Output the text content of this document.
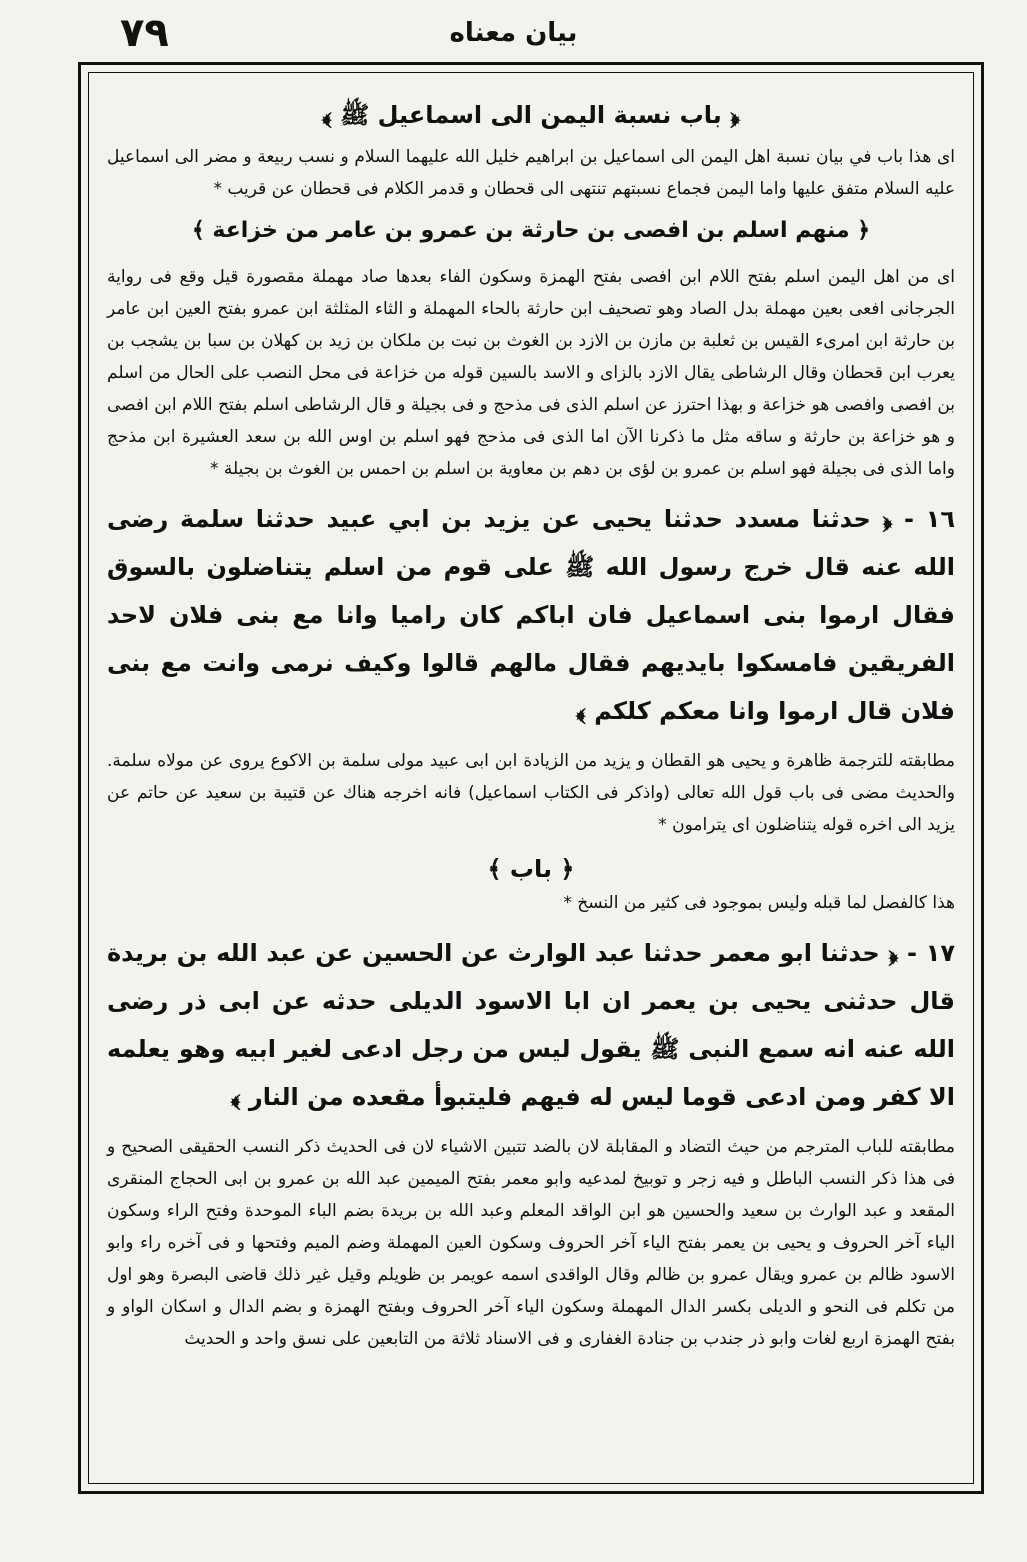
۷۹	بيان معناه
﴿ باب نسبة اليمن الى اسماعيل ﷺ ﴾

اى هذا باب في بيان نسبة اهل اليمن الى اسماعيل بن ابراهيم خليل الله عليهما السلام و نسب ربيعة و مضر الى اسماعيل عليه السلام متفق عليها واما اليمن فجماع نسبتهم تنتهى الى قحطان و قدمر الكلام فى قحطان عن قريب *

﴿ منهم اسلم بن افصى بن حارثة بن عمرو بن عامر من خزاعة ﴾

اى من اهل اليمن اسلم بفتح اللام ابن افصى بفتح الهمزة وسكون الفاء بعدها صاد مهملة مقصورة قيل وقع فى رواية الجرجانى افعى بعين مهملة بدل الصاد وهو تصحيف ابن حارثة بالحاء المهملة و الثاء المثلثة ابن عمرو بفتح العين ابن عامر بن حارثة ابن امرىء القيس بن ثعلبة بن مازن بن الازد بن الغوث بن نبت بن ملكان بن زيد بن كهلان بن سبا بن يشجب بن يعرب ابن قحطان وقال الرشاطى يقال الازد بالزاى و الاسد بالسين قوله من خزاعة فى محل النصب على الحال من اسلم بن افصى وافصى هو خزاعة و بهذا احترز عن اسلم الذى فى مذحج و فى بجيلة و قال الرشاطى اسلم بفتح اللام ابن افصى و هو خزاعة بن حارثة و ساقه مثل ما ذكرنا الآن اما الذى فى مذحج فهو اسلم بن اوس الله بن سعد العشيرة ابن مذحج واما الذى فى بجيلة فهو اسلم بن عمرو بن لؤى بن دهم بن معاوية بن اسلم بن احمس بن الغوث بن بجيلة *

١٦ - ﴿ حدثنا مسدد حدثنا يحيى عن يزيد بن ابي عبيد حدثنا سلمة رضى الله عنه قال خرج رسول الله ﷺ على قوم من اسلم يتناضلون بالسوق فقال ارموا بنى اسماعيل فان اباكم كان راميا وانا مع بنى فلان لاحد الفريقين فامسكوا بايديهم فقال مالهم قالوا وكيف نرمى وانت مع بنى فلان قال ارموا وانا معكم كلكم ﴾

مطابقته للترجمة ظاهرة و يحيى هو القطان و يزيد من الزيادة ابن ابى عبيد مولى سلمة بن الاكوع يروى عن مولاه سلمة. والحديث مضى فى باب قول الله تعالى (واذكر فى الكتاب اسماعيل) فانه اخرجه هناك عن قتيبة بن سعيد عن حاتم عن يزيد الى اخره قوله يتناضلون اى يترامون *

﴿ باب ﴾

هذا كالفصل لما قبله وليس بموجود فى كثير من النسخ *

١٧ - ﴿ حدثنا ابو معمر حدثنا عبد الوارث عن الحسين عن عبد الله بن بريدة قال حدثنى يحيى بن يعمر ان ابا الاسود الديلى حدثه عن ابى ذر رضى الله عنه انه سمع النبى ﷺ يقول ليس من رجل ادعى لغير ابيه وهو يعلمه الا كفر ومن ادعى قوما ليس له فيهم فليتبوأ مقعده من النار ﴾

مطابقته للباب المترجم من حيث التضاد و المقابلة لان بالضد تتبين الاشياء لان فى الحديث ذكر النسب الحقيقى الصحيح و فى هذا ذكر النسب الباطل و فيه زجر و توبيخ لمدعيه وابو معمر بفتح الميمين عبد الله بن عمرو بن ابى الحجاج المنقرى المقعد و عبد الوارث بن سعيد والحسين هو ابن الواقد المعلم وعبد الله بن بريدة بضم الباء الموحدة وفتح الراء وسكون الياء آخر الحروف و يحيى بن يعمر بفتح الياء آخر الحروف وسكون العين المهملة وضم الميم وفتحها و فى آخره راء وابو الاسود ظالم بن عمرو ويقال عمرو بن ظالم وقال الواقدى اسمه عويمر بن ظويلم وقيل غير ذلك قاضى البصرة وهو اول من تكلم فى النحو و الديلى بكسر الدال المهملة وسكون الياء آخر الحروف وبفتح الهمزة و بضم الدال و اسكان الواو و بفتح الهمزة اربع لغات وابو ذر جندب بن جنادة الغفارى و فى الاسناد ثلاثة من التابعين على نسق واحد و الحديث
